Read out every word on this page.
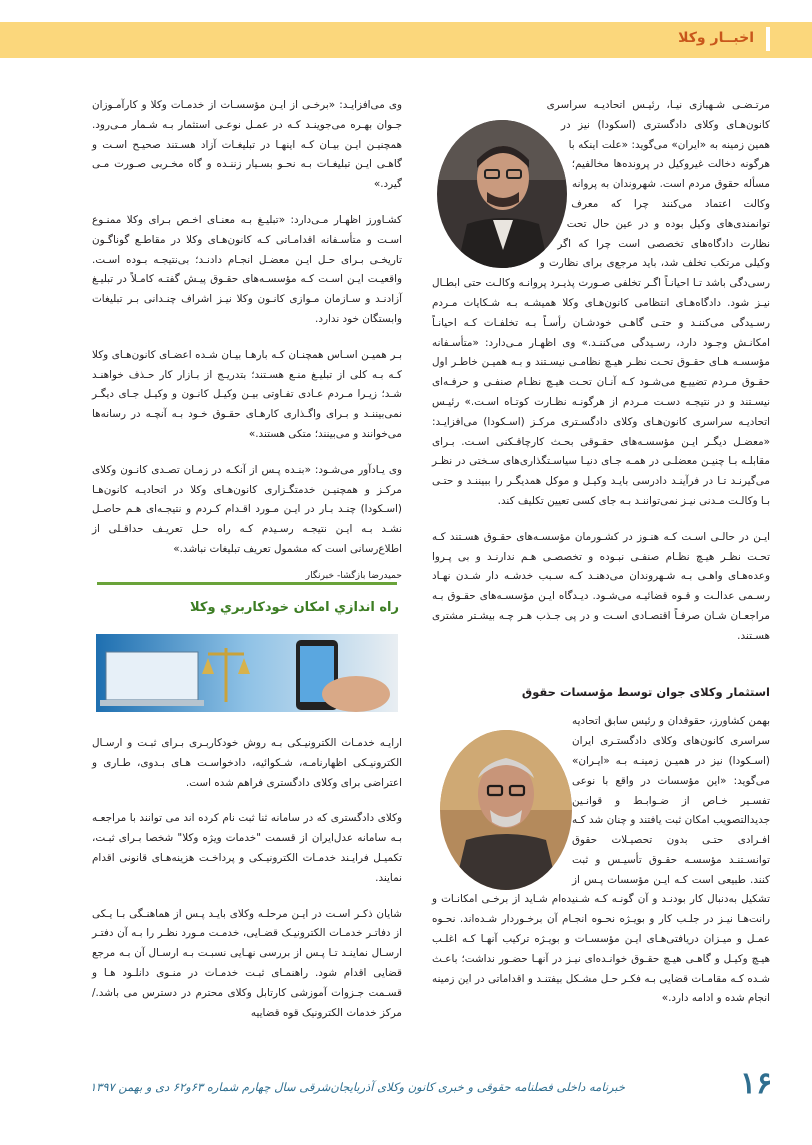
اخبــار وکلا

مرتـضـی شـهبازی نیـا، رئیـس اتحادیـه سراسری کانون‌هـای وکلای دادگستری (اسکودا) نیز در همین زمینه به «ایران» می‌گوید: «علت اینکه با هرگونه دخالت غیروکیل در پرونده‌ها مخالفیم؛ مسأله حقوق مردم است. شهروندان به پروانه وکالت اعتماد می‌کنند چرا که معرف توانمندی‌های وکیل بوده و در عین حال تحت نظارت دادگاه‌های تخصصی است چرا که اگر وکیلی مرتکب تخلف شد، باید مرجع‌ی برای نظارت و رسی‌دگی باشد تـا احیانـاً اگـر تخلفی صـورت پذیـرد پروانـه وکالـت حتی ابطـال نیـز شود. دادگاه‌هـای انتظامی کانون‌هـای وکلا همیشـه بـه شـکایات مـردم رسـیدگی می‌کننـد و حتـی گاهـی خودشـان رأسـاً بـه تخلفـات کـه احیانـاً امکانـش وجـود دارد، رسـیدگی می‌کننـد.» وی اظهـار مـی‌دارد: «متأسـفانه مؤسسـه هـای حقـوق تحـت نظـر هیـچ نظامـی نیسـتند و بـه همیـن خاطـر اول حقـوق مـردم تضییـع می‌شـود کـه آنـان تحـت هیـچ نظـام صنفـی و حرفـه‌ای نیسـتند و در نتیجـه دسـت مـردم از هرگونـه نظـارت کوتـاه اسـت.» رئیـس اتحادیـه سراسری کانون‌هـای وکلای دادگسـتری مرکـز (اسـکودا) می‌افزایـد: «معضـل دیگـر ایـن مؤسسـه‌های حقـوقی بحـث کارچاقـکنی اسـت. بـرای مقابلـه بـا چنیـن معضلـی در همـه جـای دنیـا سیاسـتگذاری‌های سـختی در نظـر می‌گیرنـد تـا در فرآینـد دادرسی بایـد وکیـل و موکل همدیگـر را ببیننـد و حتـی بـا وکالـت مـدنی نیـز نمی‌تواننـد بـه جای کسی تعیین تکلیف کند.

ایـن در حالـی اسـت کـه هنـوز در کشـورمان مؤسسـه‌های حقـوق هسـتند کـه تحـت نظـر هیـچ نظـام صنفـی نبـوده و تخصصـی هـم ندارنـد و بی پـروا وعده‌هـای واهـی بـه شـهروندان می‌دهنـد کـه سـبب خدشـه دار شـدن نهـاد رسـمی عدالـت و قـوه قضائیـه می‌شـود. دیـدگاه ایـن مؤسسـه‌های حقـوق بـه مراجعـان شـان صرفـاً اقتصـادی اسـت و در پی جـذب هـر چـه بیشـتر مشتری هسـتند.

استثمار وکلای جوان توسط مؤسسات حقوق

بهمن کشاورز، حقوقدان و رئیس سابق اتحادیه سراسری کانون‌های وکلای دادگستـری ایران (اسـکودا) نیز در همیـن زمینـه بـه «ایـران» می‌گوید: «این مؤسسات در واقع با نوعی تفسـیر خـاص از ضـوابـط و قوانـین جدیدالتصویب امکان ثبت یافتند و چنان شد کـه افـرادی حتـی بدون تحصیـلات حقوق توانسـتنـد مؤسسـه حقـوق تأسیـس و ثبت کنند. طبیعی است کـه ایـن مؤسسات پـس از تشکیل به‌دنبال کار بودنـد و آن گونـه کـه شـنیده‌ام شـاید از برخـی امکانـات و رانت‌هـا نیـز در جلـب کار و بویـژه نحـوه انجـام آن برخـوردار شـده‌اند. نحـوه عمـل و میـزان دریافتی‌هـای ایـن مؤسسـات و بویـژه ترکیب آنهـا کـه اغلـب هیـچ وکیـل و گاهـی هیـچ حقـوق خوانـده‌ای نیـز در آنهـا حضـور نداشت؛ باعـث شـده کـه مقامـات قضایی بـه فکـر حـل مشـکل بیفتنـد و اقداماتی در این زمینه انجام شده و ادامه دارد.»

وی می‌افزایـد: «برخـی از ایـن مؤسسـات از خدمـات وکلا و کارآمـوزان جـوان بهـره می‌جوینـد کـه در عمـل نوعـی استثمار بـه شـمار مـی‌رود. همچنیـن ایـن بیـان کـه اینهـا در تبلیغـات آزاد هسـتند صحیـح اسـت و گاهـی ایـن تبلیغـات بـه نحـو بسـیار زننـده و گاه مخـربی صـورت مـی گیرد.»

کشـاورز اظهـار مـی‌دارد: «تبلیـغ بـه معنـای اخـص بـرای وکلا ممنـوع اسـت و متأسـفانه اقدامـاتی کـه کانون‌هـای وکلا در مقاطـع گوناگـون تاریخـی بـرای حـل ایـن معضـل انجـام دادنـد؛ بی‌نتیجـه بـوده اسـت. واقعیـت ایـن اسـت کـه مؤسسـه‌های حقـوق پیـش گفتـه کامـلاً در تبلیـغ آزادنـد و سـازمان مـوازی کانـون وکلا نیـز اشراف چنـدانی بـر تبلیغات وابستگان خود ندارد.

بـر همیـن اسـاس همچنـان کـه بارهـا بیـان شـده اعضـای کانون‌هـای وکلا کـه بـه کلی از تبلیـغ منـع هسـتند؛ بتدریـج از بـازار کار حـذف خواهنـد شـد؛ زیـرا مـردم عـادی تفـاوتی بیـن وکیـل کانـون و وکیـل جـای دیگـر نمی‌بیننـد و بـرای واگـذاری کارهـای حقـوق خـود بـه آنچـه در رسانه‌ها می‌خوانند و می‌بینند؛ متکی هستند.»

وی یـادآور می‌شـود: «بنـده پـس از آنکـه در زمـان تصـدی کانـون وکلای مرکـز و همچنیـن خدمتگـزاری کانون‌هـای وکلا در اتحادیـه کانون‌هـا (اسـکودا) چنـد بـار در ایـن مـورد اقـدام کـردم و نتیجـه‌ای هـم حاصـل نشـد بـه ایـن نتیجـه رسـیدم کـه راه حـل تعریـف حداقـلی از اطلاع‌رسانی است که مشمول تعریف تبلیغات نباشد.»

حمیدرضا بازگشا- خبرنگار

راه اندازي امکان خودکاربري وکلا

ارایـه خدمـات الکترونیـکی بـه روش خودکاربـری بـرای ثبـت و ارسـال الکترونیـکی اظهارنامـه، شـکوائیه، دادخواسـت هـای بـدوی، طـاری و اعتراضی برای وکلای دادگستری فراهم شده است.

وکلای دادگستری که در سامانه ثنا ثبت نام کرده اند می توانند با مراجعـه بـه سامانه عدل‌ایران از قسمت "خدمات ویژه وکلا" شخصا بـرای ثبـت، تکمیـل فرایـند خدمـات الکترونیـکی و پرداخـت هزینه‌هـای قانونی اقدام نمایند.

شایان ذکـر اسـت در ایـن مرحلـه وکلای بایـد پـس از هماهنـگی بـا یـکی از دفاتـر خدمـات الکترونیـک قضـایی، خدمـت مـورد نظـر را بـه آن دفتـر ارسـال نماینـد تـا پـس از بررسی نهـایی نسبـت بـه ارسـال آن بـه مرجع قضایی اقدام شود. راهنمـای ثبـت خدمـات در منـوی دانلـود هـا و قسـمت جـزوات آموزشی کارتابل وکلای محترم در دسترس می باشد./مرکز خدمات الکترونیک قوه قضاییه

خبرنامه داخلی فصلنامه حقوقی و خبری کانون وکلای آذربایجان‌شرقی سال چهارم شماره ۶۳و۶۲ دی و بهمن ۱۳۹۷	۱۶
